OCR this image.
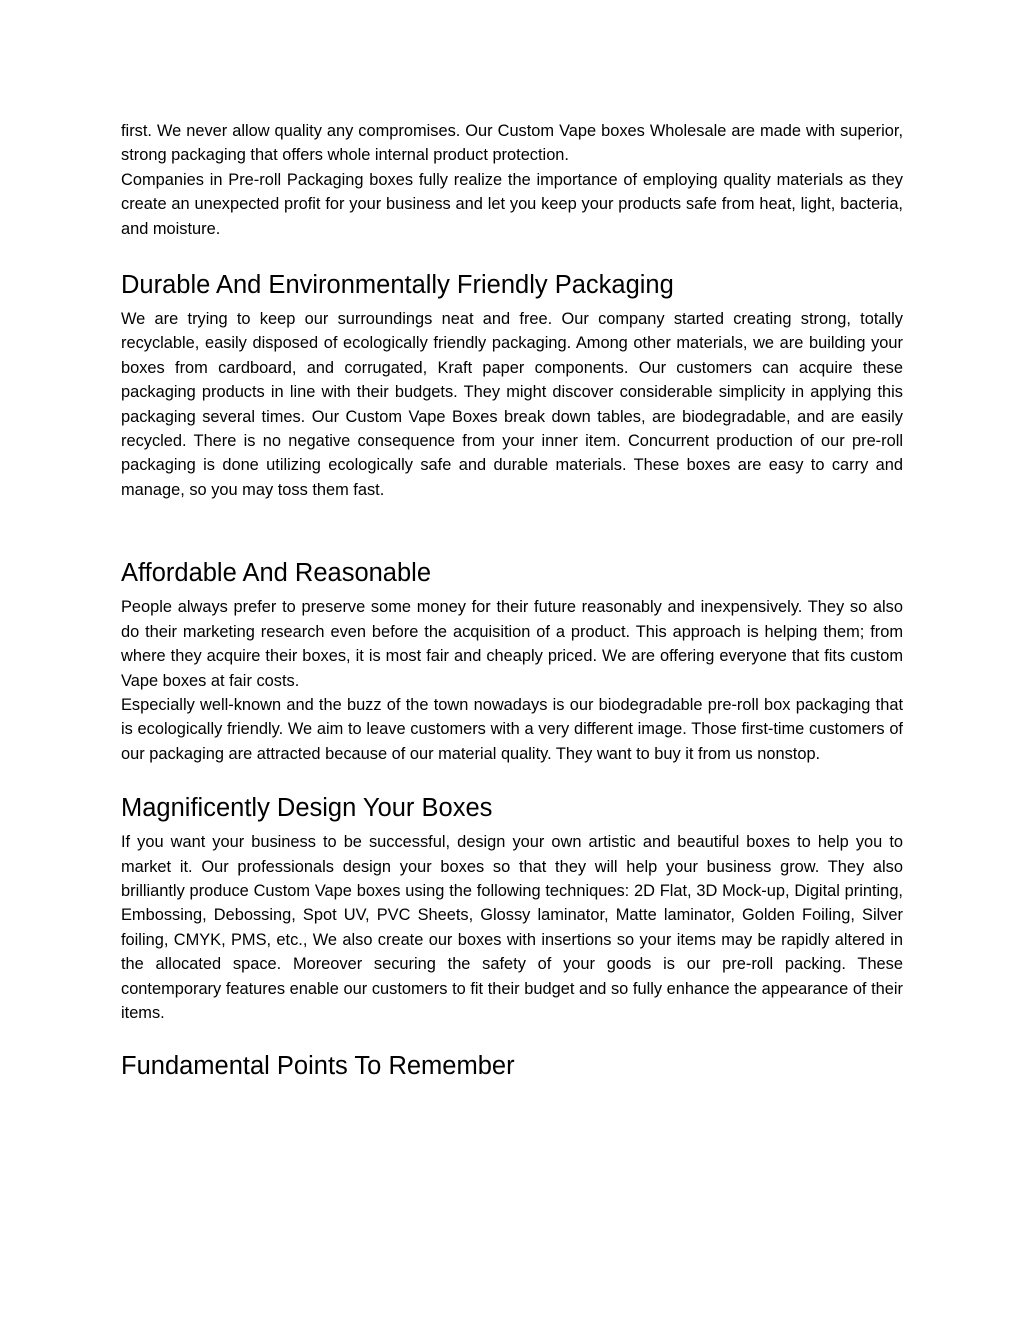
first. We never allow quality any compromises. Our Custom Vape boxes Wholesale are made with superior, strong packaging that offers whole internal product protection.

Companies in Pre-roll Packaging boxes fully realize the importance of employing quality materials as they create an unexpected profit for your business and let you keep your products safe from heat, light, bacteria, and moisture.

Durable And Environmentally Friendly Packaging

We are trying to keep our surroundings neat and free. Our company started creating strong, totally recyclable, easily disposed of ecologically friendly packaging. Among other materials, we are building your boxes from cardboard, and corrugated, Kraft paper components. Our customers can acquire these packaging products in line with their budgets. They might discover considerable simplicity in applying this packaging several times. Our Custom Vape Boxes break down tables, are biodegradable, and are easily recycled. There is no negative consequence from your inner item. Concurrent production of our pre-roll packaging is done utilizing ecologically safe and durable materials. These boxes are easy to carry and manage, so you may toss them fast.

Affordable And Reasonable

People always prefer to preserve some money for their future reasonably and inexpensively. They so also do their marketing research even before the acquisition of a product. This approach is helping them; from where they acquire their boxes, it is most fair and cheaply priced. We are offering everyone that fits custom Vape boxes at fair costs.

Especially well-known and the buzz of the town nowadays is our biodegradable pre-roll box packaging that is ecologically friendly. We aim to leave customers with a very different image. Those first-time customers of our packaging are attracted because of our material quality. They want to buy it from us nonstop.

Magnificently Design Your Boxes

If you want your business to be successful, design your own artistic and beautiful boxes to help you to market it. Our professionals design your boxes so that they will help your business grow. They also brilliantly produce Custom Vape boxes using the following techniques: 2D Flat, 3D Mock-up, Digital printing, Embossing, Debossing, Spot UV, PVC Sheets, Glossy laminator, Matte laminator, Golden Foiling, Silver foiling, CMYK, PMS, etc., We also create our boxes with insertions so your items may be rapidly altered in the allocated space. Moreover securing the safety of your goods is our pre-roll packing. These contemporary features enable our customers to fit their budget and so fully enhance the appearance of their items.

Fundamental Points To Remember
